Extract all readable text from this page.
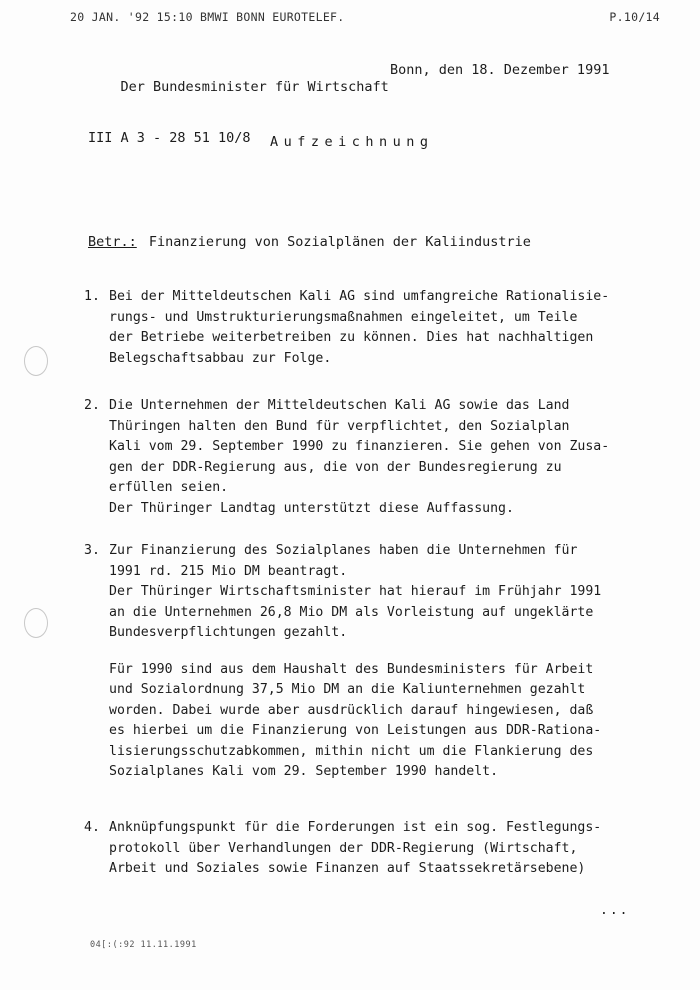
20 JAN. '92 15:10 BMWI BONN EUROTELEF.	P.10/14

Der Bundesminister für Wirtschaft

Bonn, den 18. Dezember 1991

III A 3 - 28 51 10/8

	Aufzeichnung
Betr.: Finanzierung von Sozialplänen der Kaliindustrie
1. Bei der Mitteldeutschen Kali AG sind umfangreiche Rationalisie-
rungs- und Umstrukturierungsmaßnahmen eingeleitet, um Teile
der Betriebe weiterbetreiben zu können. Dies hat nachhaltigen
Belegschaftsabbau zur Folge.
2. Die Unternehmen der Mitteldeutschen Kali AG sowie das Land
Thüringen halten den Bund für verpflichtet, den Sozialplan
Kali vom 29. September 1990 zu finanzieren. Sie gehen von Zusa-
gen der DDR-Regierung aus, die von der Bundesregierung zu
erfüllen seien.
Der Thüringer Landtag unterstützt diese Auffassung.
3. Zur Finanzierung des Sozialplanes haben die Unternehmen für
1991 rd. 215 Mio DM beantragt.
Der Thüringer Wirtschaftsminister hat hierauf im Frühjahr 1991
an die Unternehmen 26,8 Mio DM als Vorleistung auf ungeklärte
Bundesverpflichtungen gezahlt.
Für 1990 sind aus dem Haushalt des Bundesministers für Arbeit
und Sozialordnung 37,5 Mio DM an die Kaliunternehmen gezahlt
worden. Dabei wurde aber ausdrücklich darauf hingewiesen, daß
es hierbei um die Finanzierung von Leistungen aus DDR-Rationa-
lisierungsschutzabkommen, mithin nicht um die Flankierung des
Sozialplanes Kali vom 29. September 1990 handelt.
4. Anknüpfungspunkt für die Forderungen ist ein sog. Festlegungs-
protokoll über Verhandlungen der DDR-Regierung (Wirtschaft,
Arbeit und Soziales sowie Finanzen auf Staatssekretärsebene)
...
04[:(:92 11.11.1991
